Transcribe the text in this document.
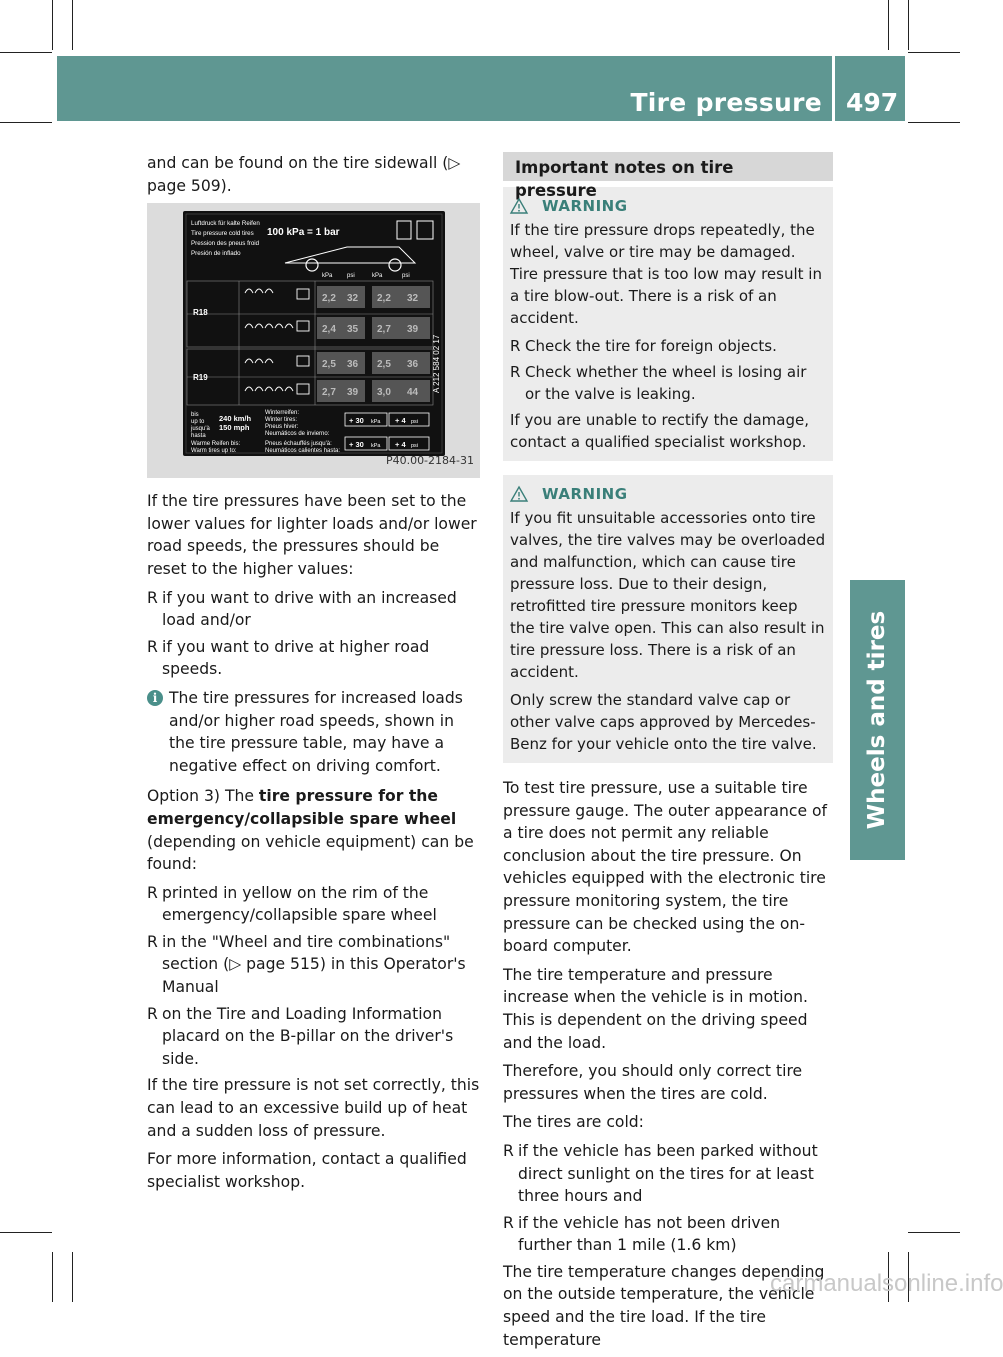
Tire pressure 497
Wheels and tires

and can be found on the tire sidewall (▷ page 509).

Luftdruck für kalte Reifen
Tire pressure cold tires
Pression des pneus froid
Presión de inflado
100 kPa = 1 bar
kPa psi	kPa	psi
2,2 32 2,2 32
2,4 35 2,7 39
2,5 36 2,5 36
2,7 39 3,0 44
R18
R19
bis
up to
jusqu'à
hasta
240 km/h
150 mph
Winterreifen:
Winter tires:
Pneus hiver:
Neumáticos de invierno:
Warme Reifen bis:
Warm tires up to:
Pneus échauffés jusqu'à:
Neumáticos calientes hasta:
+ 30 kPa + 4 psi
+ 30 kPa + 4 psi
A 212 584 02 17
P40.00-2184-31

If the tire pressures have been set to the lower values for lighter loads and/or lower road speeds, the pressures should be reset to the higher values:

R if you want to drive with an increased load and/or
R if you want to drive at higher road speeds.
i The tire pressures for increased loads and/or higher road speeds, shown in the tire pressure table, may have a negative effect on driving comfort.

Option 3) The tire pressure for the emergency/collapsible spare wheel (depending on vehicle equipment) can be found:

R printed in yellow on the rim of the emergency/collapsible spare wheel
R in the "Wheel and tire combinations" section (▷ page 515) in this Operator's Manual
R on the Tire and Loading Information placard on the B-pillar on the driver's side.

If the tire pressure is not set correctly, this can lead to an excessive build up of heat and a sudden loss of pressure.

For more information, contact a qualified specialist workshop.

Important notes on tire pressure
WARNING

If the tire pressure drops repeatedly, the wheel, valve or tire may be damaged. Tire pressure that is too low may result in a tire blow-out. There is a risk of an accident.

R Check the tire for foreign objects.
R Check whether the wheel is losing air or the valve is leaking.

If you are unable to rectify the damage, contact a qualified specialist workshop.

WARNING

If you fit unsuitable accessories onto tire valves, the tire valves may be overloaded and malfunction, which can cause tire pressure loss. Due to their design, retrofitted tire pressure monitors keep the tire valve open. This can also result in tire pressure loss. There is a risk of an accident.

Only screw the standard valve cap or other valve caps approved by Mercedes-Benz for your vehicle onto the tire valve.

To test tire pressure, use a suitable tire pressure gauge. The outer appearance of a tire does not permit any reliable conclusion about the tire pressure. On vehicles equipped with the electronic tire pressure monitoring system, the tire pressure can be checked using the on-board computer.

The tire temperature and pressure increase when the vehicle is in motion. This is dependent on the driving speed and the load.

Therefore, you should only correct tire pressures when the tires are cold.

The tires are cold:

R if the vehicle has been parked without direct sunlight on the tires for at least three hours and
R if the vehicle has not been driven further than 1 mile (1.6 km)

The tire temperature changes depending on the outside temperature, the vehicle speed and the tire load. If the tire temperature

carmanualsonline.info
